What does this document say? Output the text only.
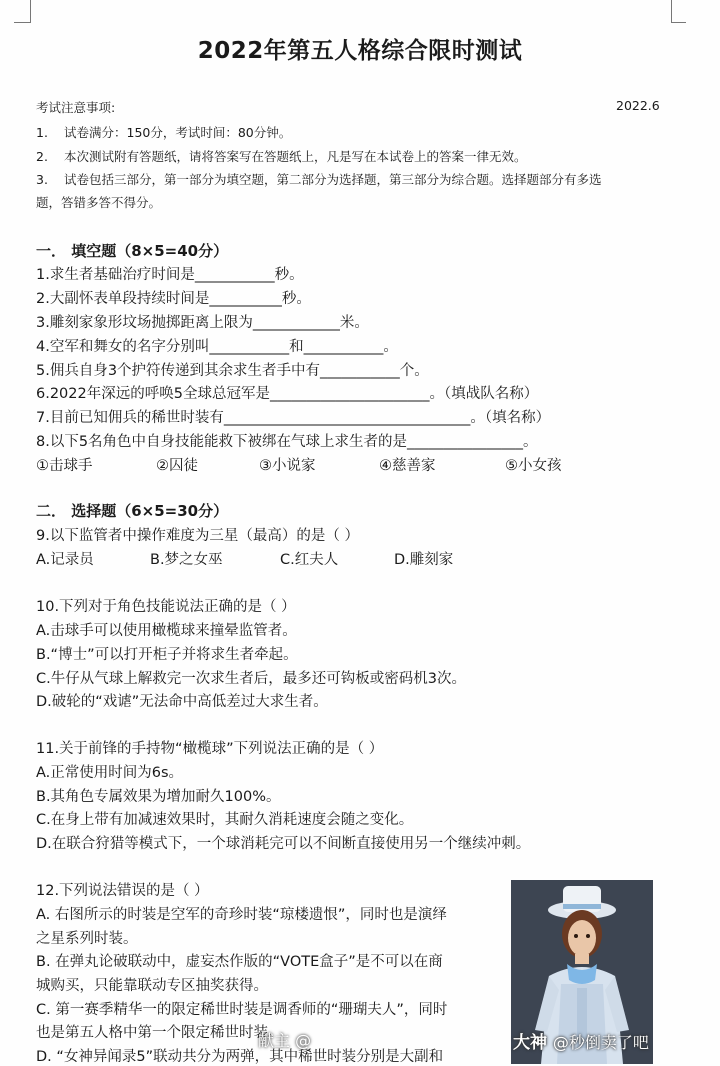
2022年第五人格综合限时测试
考试注意事项:	2022.6
1. 试卷满分：150分，考试时间：80分钟。
2. 本次测试附有答题纸，请将答案写在答题纸上，凡是写在本试卷上的答案一律无效。
3. 试卷包括三部分，第一部分为填空题，第二部分为选择题，第三部分为综合题。选择题部分有多选
题，答错多答不得分。
一． 填空题（8×5=40分）
1.求生者基础治疗时间是___________秒。
2.大副怀表单段持续时间是__________秒。
3.雕刻家象形坟场抛掷距离上限为____________米。
4.空军和舞女的名字分别叫___________和___________。
5.佣兵自身3个护符传递到其余求生者手中有___________个。
6.2022年深远的呼唤5全球总冠军是______________________。（填战队名称）
7.目前已知佣兵的稀世时装有__________________________________。（填名称）
8.以下5名角色中自身技能能救下被绑在气球上求生者的是________________。
①击球手	②囚徒	③小说家	④慈善家	⑤小女孩
二． 选择题（6×5=30分）
9.以下监管者中操作难度为三星（最高）的是（ ）
A.记录员	B.梦之女巫	C.红夫人	D.雕刻家
10.下列对于角色技能说法正确的是（ ）
A.击球手可以使用橄榄球来撞晕监管者。
B.“博士”可以打开柜子并将求生者牵起。
C.牛仔从气球上解救完一次求生者后，最多还可钩板或密码机3次。
D.破轮的“戏谑”无法命中高低差过大求生者。
11.关于前锋的手持物“橄榄球”下列说法正确的是（ ）
A.正常使用时间为6s。
B.其角色专属效果为增加耐久100%。
C.在身上带有加减速效果时，其耐久消耗速度会随之变化。
D.在联合狩猎等模式下，一个球消耗完可以不间断直接使用另一个继续冲刺。
12.下列说法错误的是（ ）
A. 右图所示的时装是空军的奇珍时装“琼楼遗恨”，同时也是演绎
之星系列时装。
B. 在弹丸论破联动中，虚妄杰作版的“VOTE盒子”是不可以在商
城购买，只能靠联动专区抽奖获得。
C. 第一赛季精华一的限定稀世时装是调香师的“珊瑚夫人”，同时
也是第五人格中第一个限定稀世时装。
D. “女神异闻录5”联动共分为两弹，其中稀世时装分别是大副和
献主 @	大神 @秒倒卖了吧
